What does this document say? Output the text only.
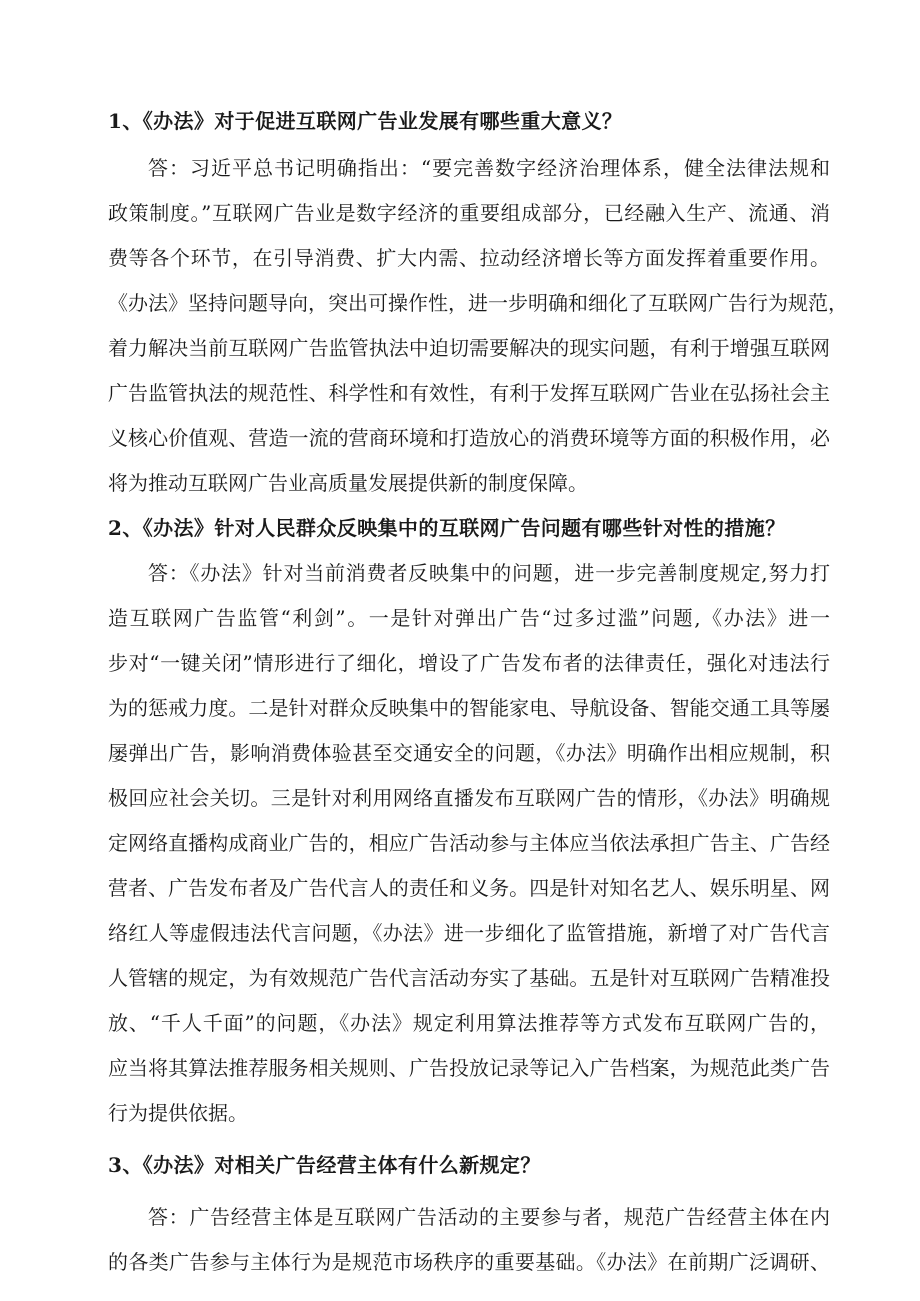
1、《办法》对于促进互联网广告业发展有哪些重大意义？
答：习近平总书记明确指出：“要完善数字经济治理体系，健全法律法规和
政策制度。”互联网广告业是数字经济的重要组成部分，已经融入生产、流通、消
费等各个环节，在引导消费、扩大内需、拉动经济增长等方面发挥着重要作用。
《办法》坚持问题导向，突出可操作性，进一步明确和细化了互联网广告行为规范，
着力解决当前互联网广告监管执法中迫切需要解决的现实问题，有利于增强互联网
广告监管执法的规范性、科学性和有效性，有利于发挥互联网广告业在弘扬社会主
义核心价值观、营造一流的营商环境和打造放心的消费环境等方面的积极作用，必
将为推动互联网广告业高质量发展提供新的制度保障。
2、《办法》针对人民群众反映集中的互联网广告问题有哪些针对性的措施？
答：《办法》针对当前消费者反映集中的问题，进一步完善制度规定,努力打
造互联网广告监管“利剑”。一是针对弹出广告“过多过滥”问题,《办法》进一
步对“一键关闭”情形进行了细化，增设了广告发布者的法律责任，强化对违法行
为的惩戒力度。二是针对群众反映集中的智能家电、导航设备、智能交通工具等屡
屡弹出广告，影响消费体验甚至交通安全的问题，《办法》明确作出相应规制，积
极回应社会关切。三是针对利用网络直播发布互联网广告的情形，《办法》明确规
定网络直播构成商业广告的，相应广告活动参与主体应当依法承担广告主、广告经
营者、广告发布者及广告代言人的责任和义务。四是针对知名艺人、娱乐明星、网
络红人等虚假违法代言问题，《办法》进一步细化了监管措施，新增了对广告代言
人管辖的规定，为有效规范广告代言活动夯实了基础。五是针对互联网广告精准投
放、“千人千面”的问题，《办法》规定利用算法推荐等方式发布互联网广告的，
应当将其算法推荐服务相关规则、广告投放记录等记入广告档案，为规范此类广告
行为提供依据。
3、《办法》对相关广告经营主体有什么新规定？
答：广告经营主体是互联网广告活动的主要参与者，规范广告经营主体在内
的各类广告参与主体行为是规范市场秩序的重要基础。《办法》在前期广泛调研、
